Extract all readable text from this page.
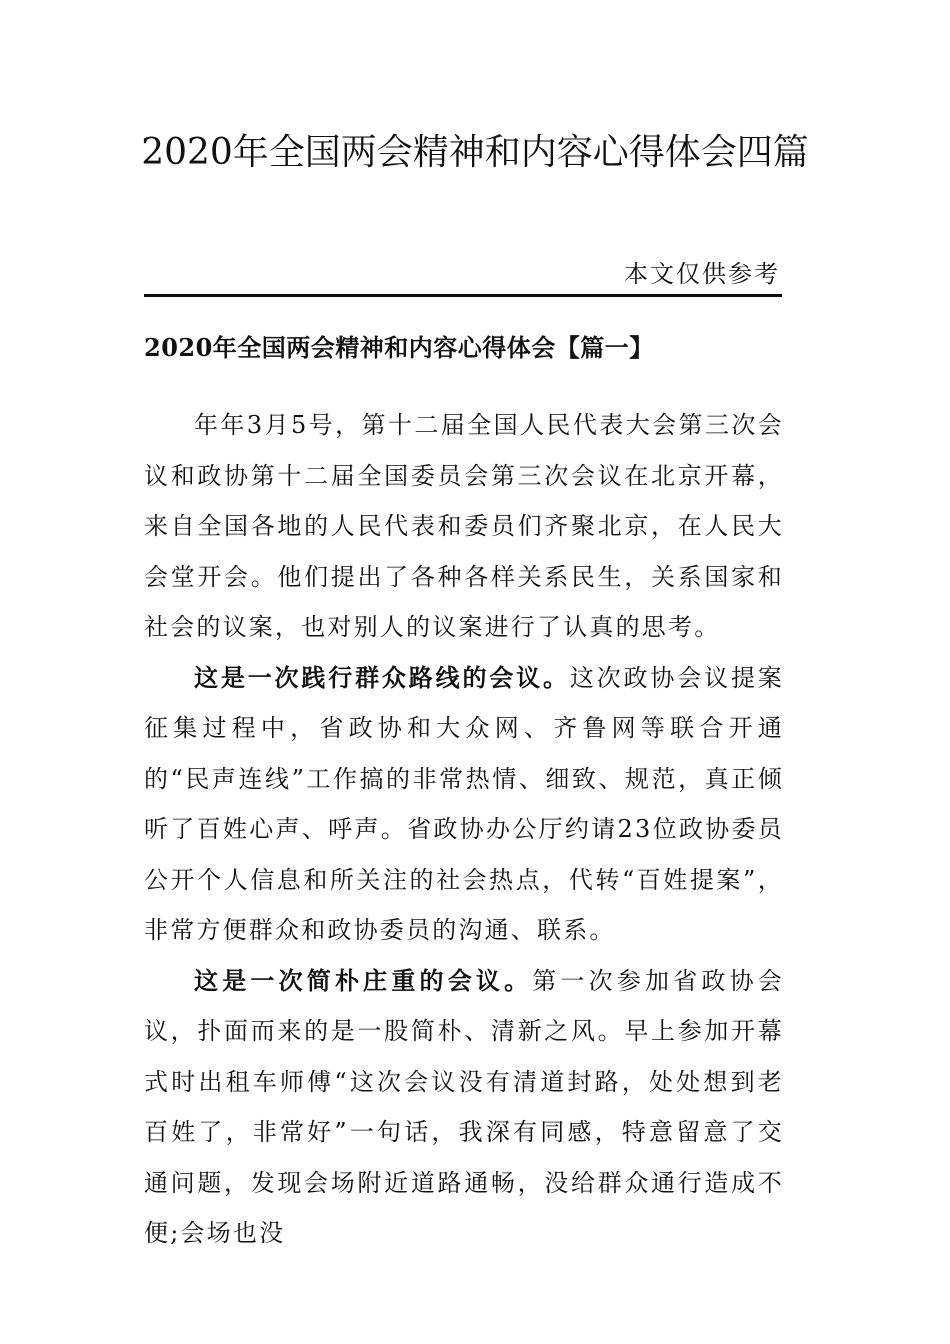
2020年全国两会精神和内容心得体会四篇
本文仅供参考
2020年全国两会精神和内容心得体会【篇一】

年年3月5号，第十二届全国人民代表大会第三次会议和政协第十二届全国委员会第三次会议在北京开幕，来自全国各地的人民代表和委员们齐聚北京，在人民大会堂开会。他们提出了各种各样关系民生，关系国家和社会的议案，也对别人的议案进行了认真的思考。

这是一次践行群众路线的会议。这次政协会议提案征集过程中，省政协和大众网、齐鲁网等联合开通的“民声连线”工作搞的非常热情、细致、规范，真正倾听了百姓心声、呼声。省政协办公厅约请23位政协委员公开个人信息和所关注的社会热点，代转“百姓提案”，非常方便群众和政协委员的沟通、联系。

这是一次简朴庄重的会议。第一次参加省政协会议，扑面而来的是一股简朴、清新之风。早上参加开幕式时出租车师傅“这次会议没有清道封路，处处想到老百姓了，非常好”一句话，我深有同感，特意留意了交通问题，发现会场附近道路通畅，没给群众通行造成不便;会场也没
